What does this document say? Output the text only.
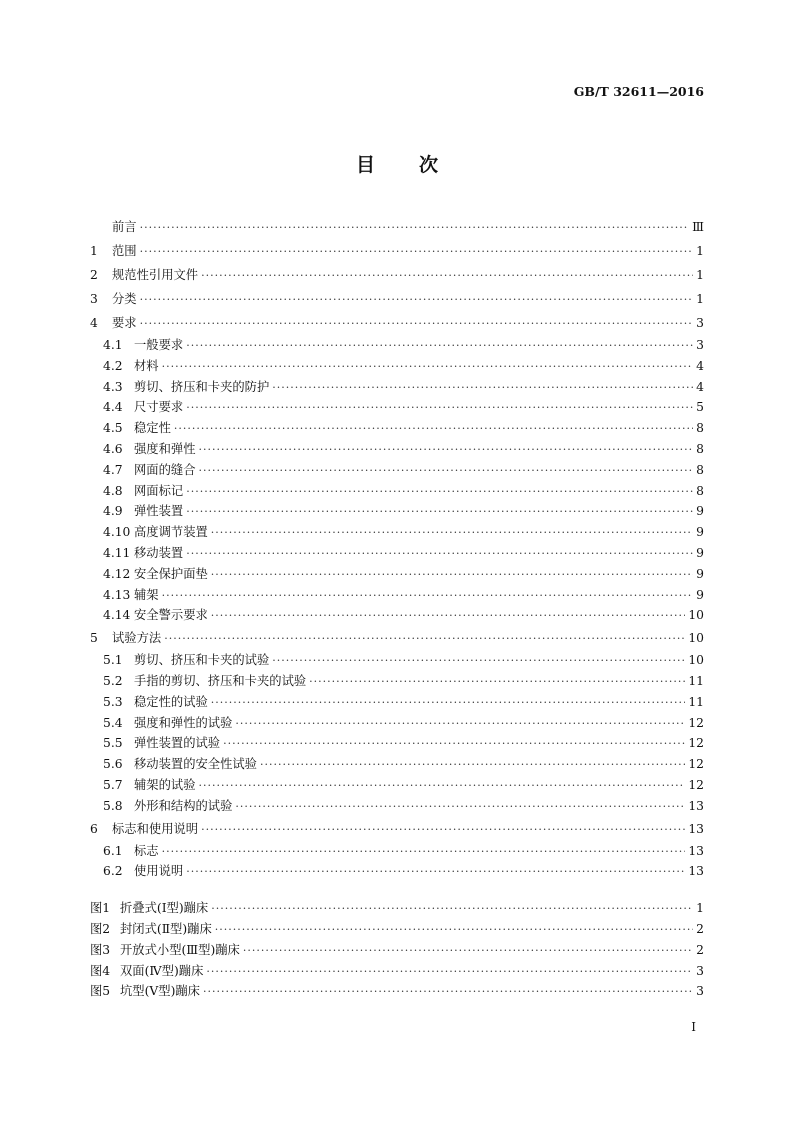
GB/T 32611—2016
目次
前言 ·····	Ⅲ
1	范围 ·····	1
2	规范性引用文件 ·····	1
3	分类 ·····	1
4	要求 ·····	3
4.1 一般要求 ·····	3
4.2 材料 ·····	4
4.3 剪切、挤压和卡夹的防护 ·····	4
4.4 尺寸要求 ·····	5
4.5 稳定性 ·····	8
4.6 强度和弹性 ·····	8
4.7 网面的缝合 ·····	8
4.8 网面标记 ·····	8
4.9 弹性装置 ·····	9
4.10 高度调节装置 ·····	9
4.11 移动装置 ·····	9
4.12 安全保护面垫 ·····	9
4.13 辅架 ·····	9
4.14 安全警示要求 ·····	10
5	试验方法 ·····	10
5.1 剪切、挤压和卡夹的试验 ·····	10
5.2 手指的剪切、挤压和卡夹的试验 ·····	11
5.3 稳定性的试验 ·····	11
5.4 强度和弹性的试验 ·····	12
5.5 弹性装置的试验 ·····	12
5.6 移动装置的安全性试验 ·····	12
5.7 辅架的试验 ·····	12
5.8 外形和结构的试验 ·····	13
6	标志和使用说明 ·····	13
6.1 标志 ·····	13
6.2 使用说明 ·····	13
图1 折叠式(Ⅰ型)蹦床 ·····	1
图2 封闭式(Ⅱ型)蹦床 ·····	2
图3 开放式小型(Ⅲ型)蹦床 ·····	2
图4 双面(Ⅳ型)蹦床 ·····	3
图5 坑型(Ⅴ型)蹦床 ·····	3
Ⅰ
